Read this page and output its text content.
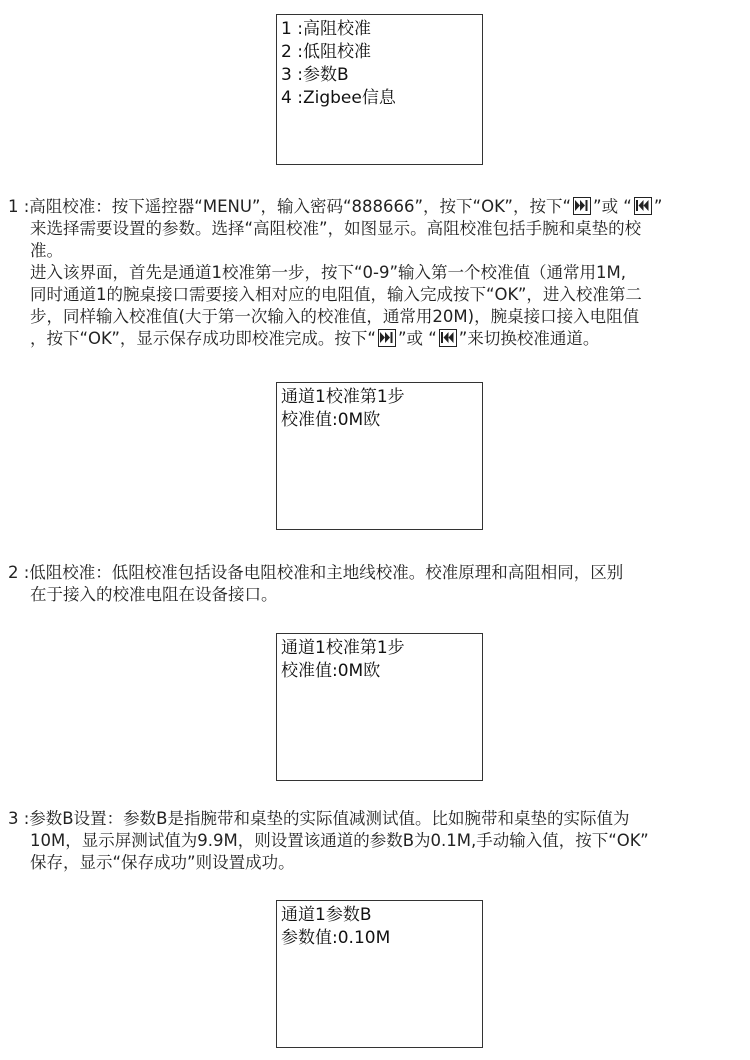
1 :高阻校准
2 :低阻校准
3 :参数B
4 :Zigbee信息
1 :高阻校准：按下遥控器“MENU”，输入密码“888666”，按下“OK”，按下“ ”或 “ ”
来选择需要设置的参数。选择“高阻校准”，如图显示。高阻校准包括手腕和桌垫的校
准。
进入该界面，首先是通道1校准第一步，按下“0-9”输入第一个校准值（通常用1M,
同时通道1的腕桌接口需要接入相对应的电阻值，输入完成按下“OK”，进入校准第二
步，同样输入校准值(大于第一次输入的校准值，通常用20M)，腕桌接口接入电阻值
，按下“OK”，显示保存成功即校准完成。按下“ ”或 “ ”来切换校准通道。
通道1校准第1步
校准值:0M欧
2 :低阻校准：低阻校准包括设备电阻校准和主地线校准。校准原理和高阻相同，区别
在于接入的校准电阻在设备接口。
通道1校准第1步
校准值:0M欧
3 :参数B设置：参数B是指腕带和桌垫的实际值减测试值。比如腕带和桌垫的实际值为
10M，显示屏测试值为9.9M，则设置该通道的参数B为0.1M,手动输入值，按下“OK”
保存，显示“保存成功”则设置成功。
通道1参数B
参数值:0.10M
